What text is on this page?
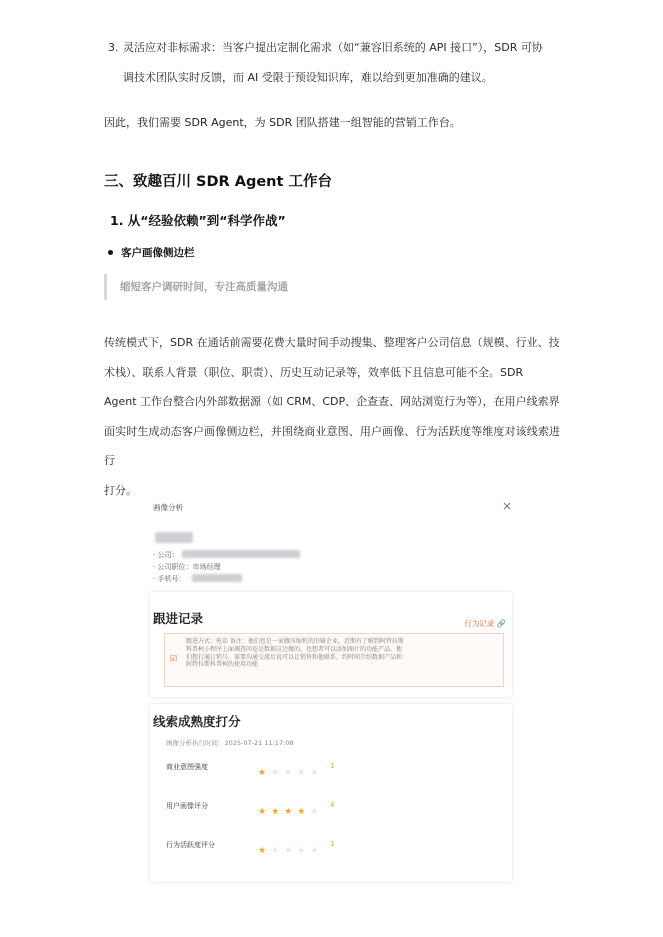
3. 灵活应对非标需求：当客户提出定制化需求（如“兼容旧系统的 API 接口”），SDR 可协
调技术团队实时反馈，而 AI 受限于预设知识库，难以给到更加准确的建议。
因此，我们需要 SDR Agent，为 SDR 团队搭建一组智能的营销工作台。
三、致趣百川 SDR Agent 工作台
1. 从“经验依赖”到“科学作战”
客户画像侧边栏
缩短客户调研时间，专注高质量沟通
传统模式下，SDR 在通话前需要花费大量时间手动搜集、整理客户公司信息（规模、行业、技
术栈）、联系人背景（职位、职责）、历史互动记录等，效率低下且信息可能不全。SDR
Agent 工作台整合内外部数据源（如 CRM、CDP、企查查、网站浏览行为等），在用户线索界
面实时生成动态客户画像侧边栏，并围绕商业意图、用户画像、行为活跃度等维度对该线索进行
打分。
画像分析	×
· 公司：
· 公司职位：市场经理
· 手机号：
跟进记录	行为记录 🔗
☑
跟进方式：电话 备注：他们也是一家做压缩机的旧骑企业。近期有了解到阿特拉斯
科普柯小程序上面调查问卷是数据这边做的，也想者可以添加图片的功能产品。他
们想打通订销号，需要沟通交流后说可以让销售和他联系，约时间介绍数据产品和
阿特拉斯科普柯的使用功能
线索成熟度打分
画像分析执行时间：2025-07-21 11:17:08
商业意图强度
★ ★ ★ ★ ★
1
用户画像评分
★ ★ ★ ★ ★
4
行为活跃度评分
★ ★ ★ ★ ★
1
